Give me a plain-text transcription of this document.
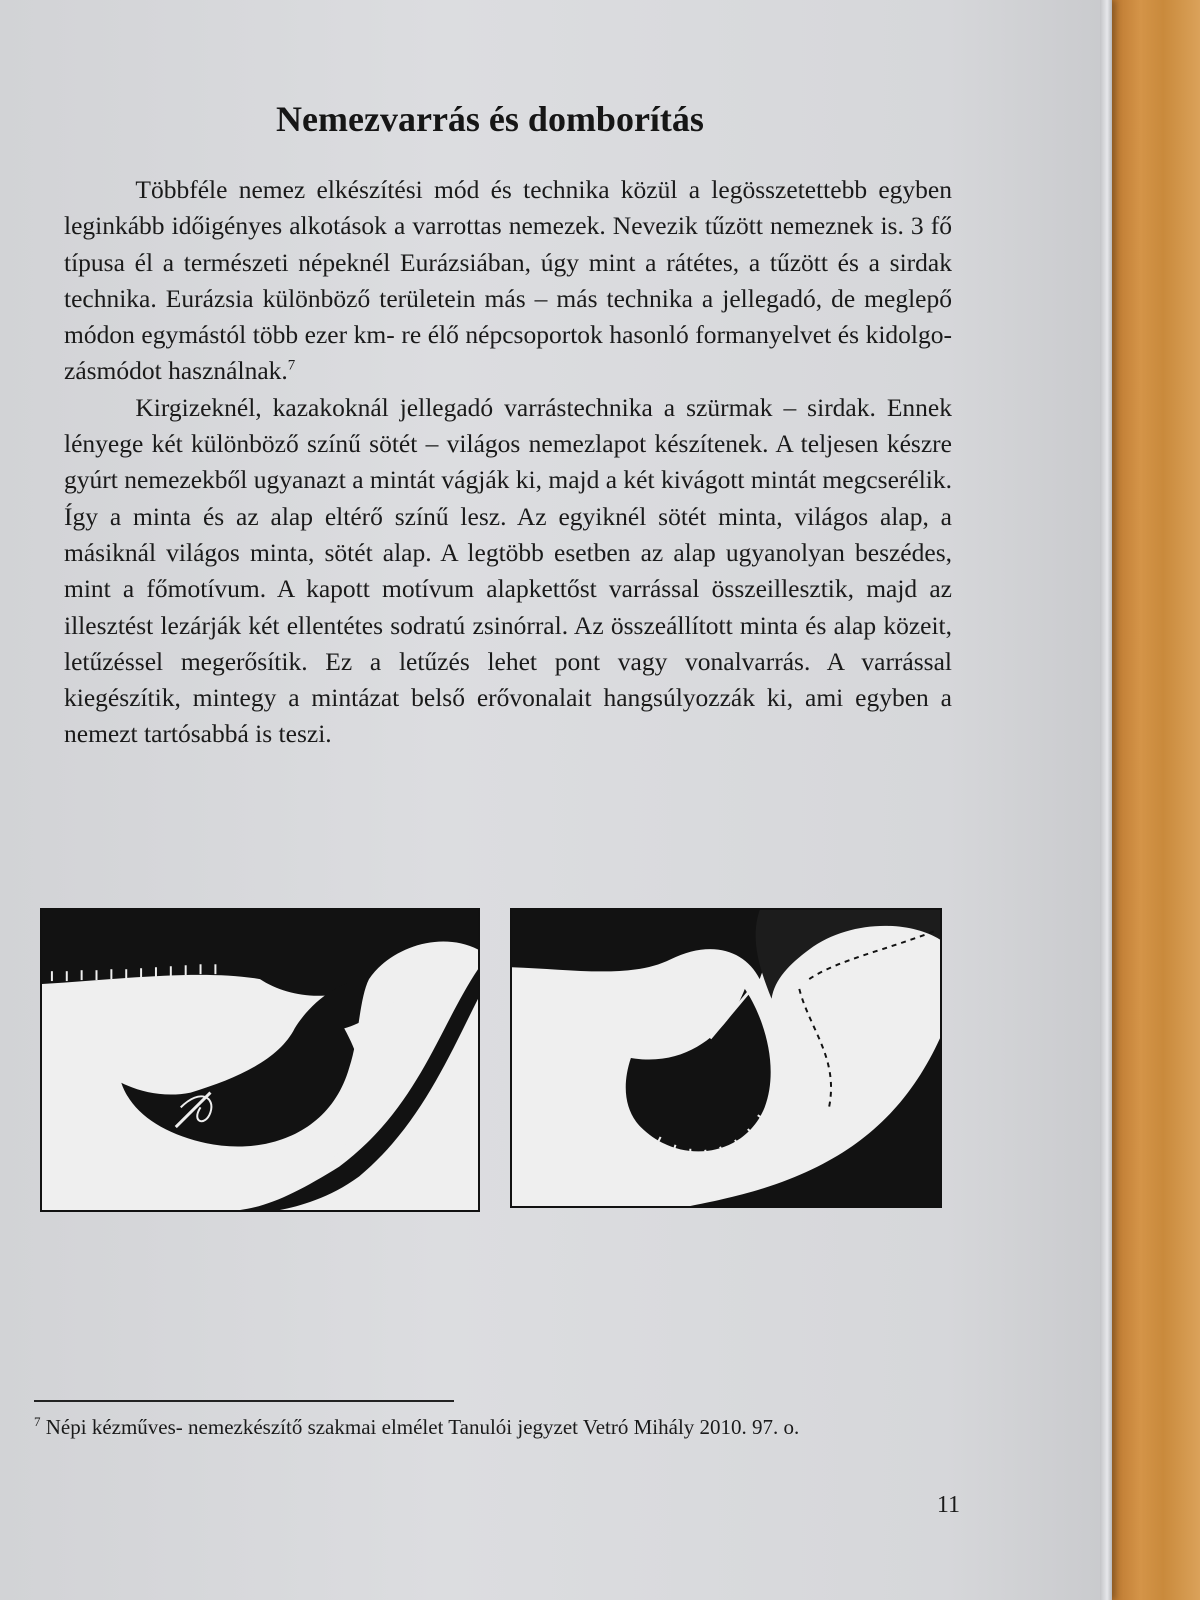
Nemezvarrás és domborítás

Többféle nemez elkészítési mód és technika közül a legösszetettebb egyben leginkább időigényes alkotások a varrottas nemezek. Nevezik tűzött nemeznek is. 3 fő típusa él a természeti népeknél Eurázsiában, úgy mint a rátétes, a tűzött és a sirdak technika. Eurázsia különböző területein más – más technika a jellegadó, de meglepő módon egymástól több ezer km- re élő népcsoportok hasonló formanyelvet és kidolgozásmódot használnak.$^7$

Kirgizeknél, kazakoknál jellegadó varrástechnika a szürmak – sirdak. Ennek lényege két különböző színű sötét – világos nemezlapot készítenek. A teljesen készre gyúrt nemezekből ugyanazt a mintát vágják ki, majd a két kivágott mintát megcserélik. Így a minta és az alap eltérő színű lesz. Az egyiknél sötét minta, világos alap, a másiknál világos minta, sötét alap. A legtöbb esetben az alap ugyanolyan beszédes, mint a főmotívum. A kapott motívum alapkettőst varrással összeillesztik, majd az illesztést lezárják két ellentétes sodratú zsinórral. Az összeállított minta és alap közeit, letűzéssel megerősítik. Ez a letűzés lehet pont vagy vonalvarrás. A varrással kiegészítik, mintegy a mintázat belső erővonalait hangsúlyozzák ki, ami egyben a nemezt tartósabbá is teszi.

$^7$ Népi kézműves- nemezkészítő szakmai elmélet Tanulói jegyzet Vetró Mihály 2010. 97. o.
11
